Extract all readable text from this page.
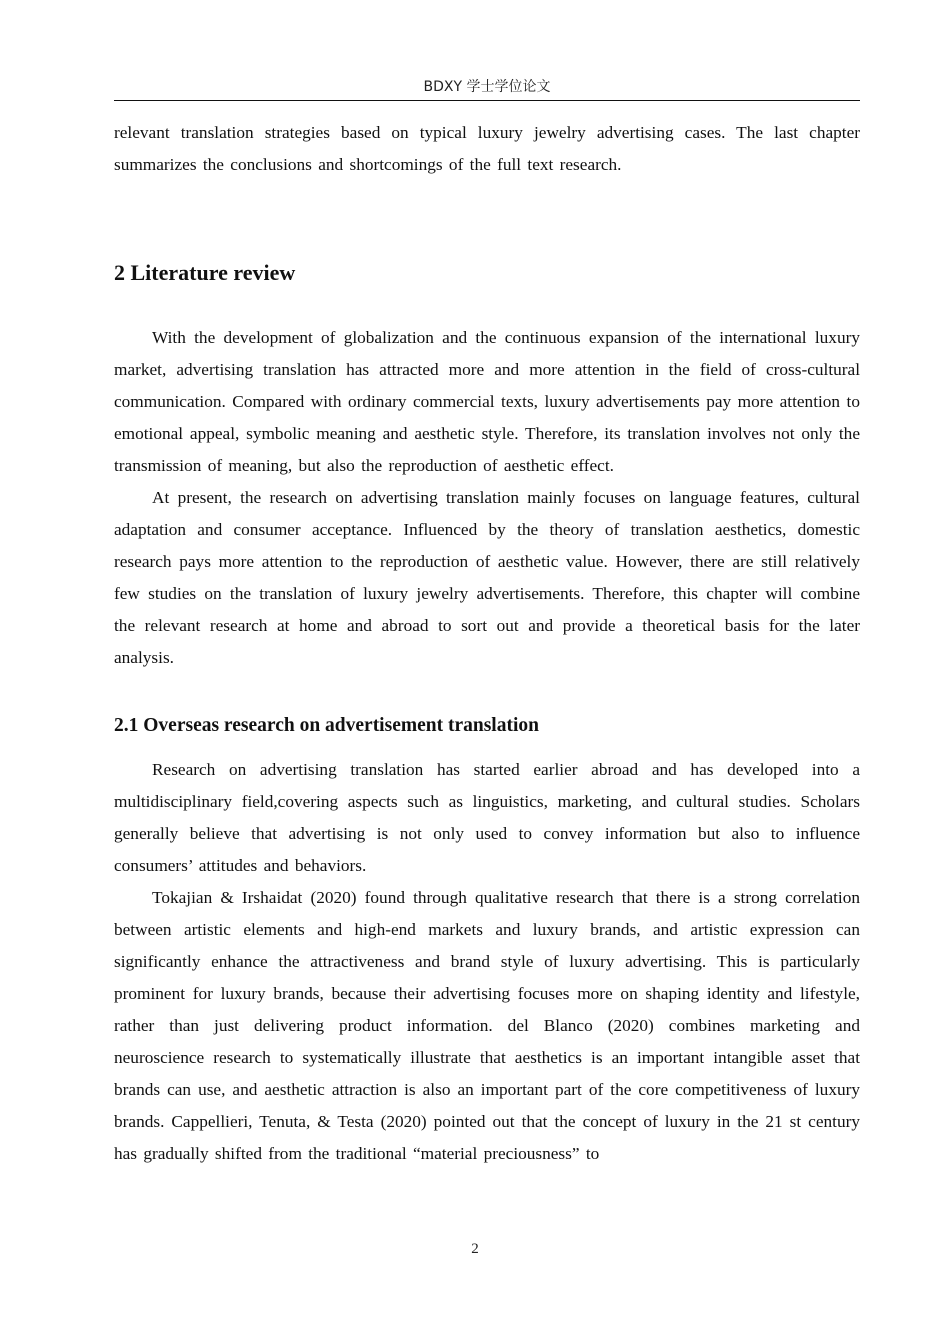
BDXY 学士学位论文

relevant translation strategies based on typical luxury jewelry advertising cases. The last chapter summarizes the conclusions and shortcomings of the full text research.

2 Literature review

With the development of globalization and the continuous expansion of the international luxury market, advertising translation has attracted more and more attention in the field of cross-cultural communication. Compared with ordinary commercial texts, luxury advertisements pay more attention to emotional appeal, symbolic meaning and aesthetic style. Therefore, its translation involves not only the transmission of meaning, but also the reproduction of aesthetic effect.

At present, the research on advertising translation mainly focuses on language features, cultural adaptation and consumer acceptance. Influenced by the theory of translation aesthetics, domestic research pays more attention to the reproduction of aesthetic value. However, there are still relatively few studies on the translation of luxury jewelry advertisements. Therefore, this chapter will combine the relevant research at home and abroad to sort out and provide a theoretical basis for the later analysis.

2.1 Overseas research on advertisement translation

Research on advertising translation has started earlier abroad and has developed into a multidisciplinary field,covering aspects such as linguistics, marketing, and cultural studies. Scholars generally believe that advertising is not only used to convey information but also to influence consumers’ attitudes and behaviors.

Tokajian & Irshaidat (2020) found through qualitative research that there is a strong correlation between artistic elements and high-end markets and luxury brands, and artistic expression can significantly enhance the attractiveness and brand style of luxury advertising. This is particularly prominent for luxury brands, because their advertising focuses more on shaping identity and lifestyle, rather than just delivering product information. del Blanco (2020) combines marketing and neuroscience research to systematically illustrate that aesthetics is an important intangible asset that brands can use, and aesthetic attraction is also an important part of the core competitiveness of luxury brands. Cappellieri, Tenuta, & Testa (2020) pointed out that the concept of luxury in the 21 st century has gradually shifted from the traditional “material preciousness” to

2
